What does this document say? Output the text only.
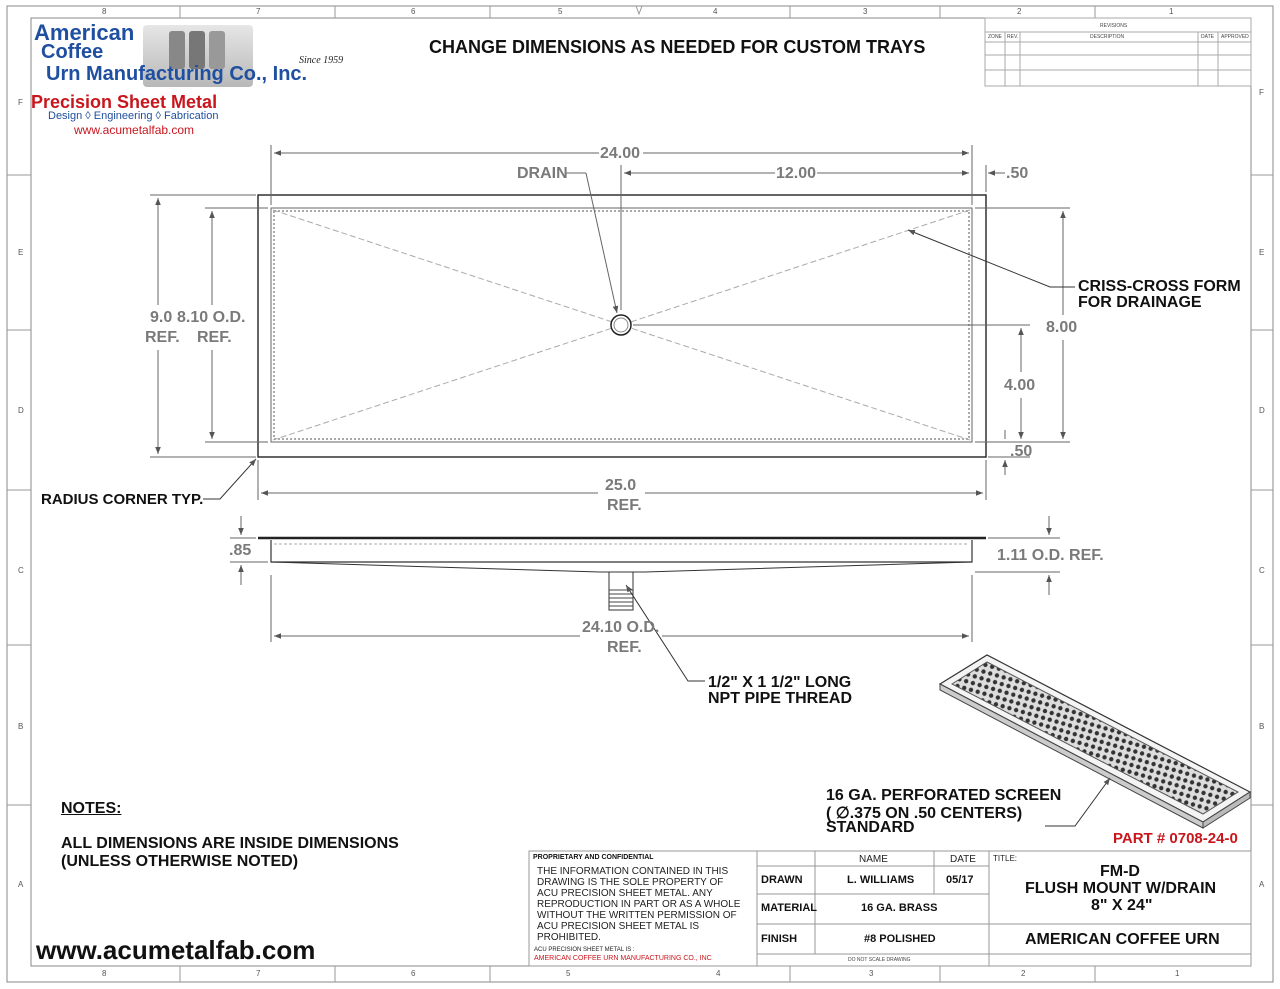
American
Coffee
Urn Manufacturing Co., Inc.
Since 1959
Precision Sheet Metal
Design ◊ Engineering ◊ Fabrication
www.acumetalfab.com
CHANGE DIMENSIONS AS NEEDED FOR CUSTOM TRAYS
8	7	6	5	4	3	2	1
8	7	6	5	4	3	2	1
F
E
D
C
B
A
F
E
D
C
B
A
REVISIONS
ZONE REV.	DESCRIPTION	DATE APPROVED
24.00
DRAIN	12.00	.50
9.0 8.10 O.D.
REF. REF.
8.00
4.00
.50
25.0
REF.
.85	1.11 O.D. REF.
24.10 O.D.
REF.
CRISS-CROSS FORM
FOR DRAINAGE
RADIUS CORNER TYP.
1/2" X 1 1/2" LONG
NPT PIPE THREAD
16 GA. PERFORATED SCREEN
( ∅.375 ON .50 CENTERS)
STANDARD
PART # 0708-24-0
NOTES:
ALL DIMENSIONS ARE INSIDE DIMENSIONS
(UNLESS OTHERWISE NOTED)
www.acumetalfab.com
PROPRIETARY AND CONFIDENTIAL
THE INFORMATION CONTAINED IN THIS
DRAWING IS THE SOLE PROPERTY OF
ACU PRECISION SHEET METAL. ANY
REPRODUCTION IN PART OR AS A WHOLE
WITHOUT THE WRITTEN PERMISSION OF
ACU PRECISION SHEET METAL IS
PROHIBITED.
ACU PRECISION SHEET METAL IS :
AMERICAN COFFEE URN MANUFACTURING CO., INC
NAME	DATE
DRAWN	L. WILLIAMS	05/17
MATERIAL	16 GA. BRASS
FINISH	#8 POLISHED
DO NOT SCALE DRAWING
TITLE:
FM-D
FLUSH MOUNT W/DRAIN
8" X 24"
AMERICAN COFFEE URN
